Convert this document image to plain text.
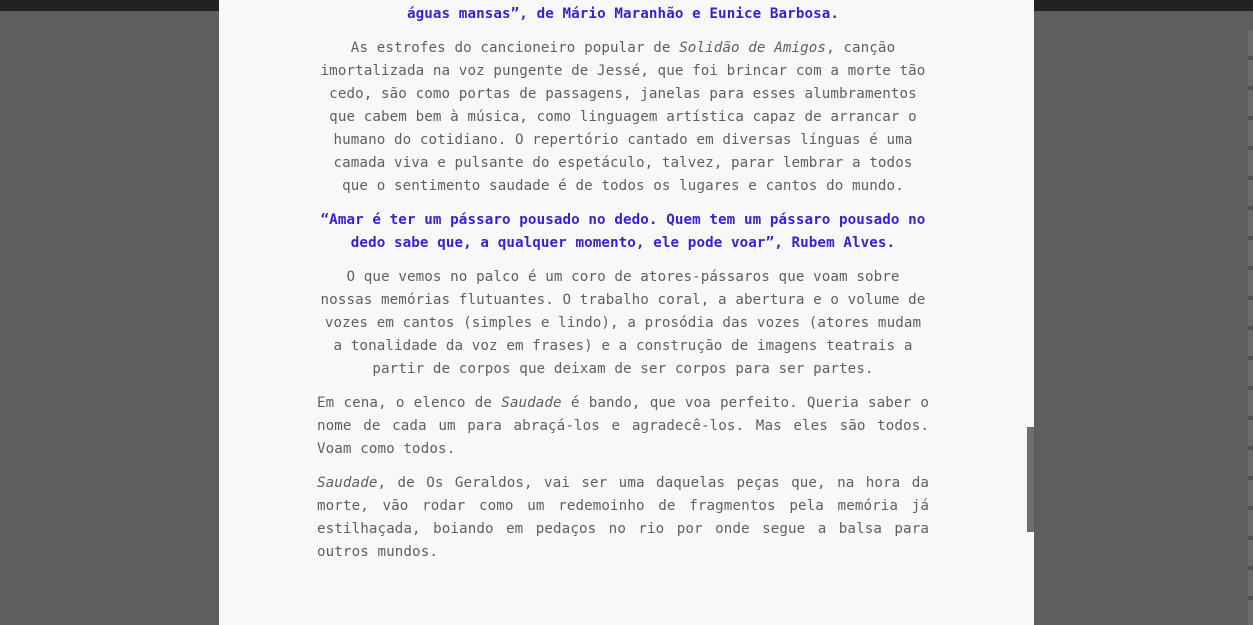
águas mansas”, de Mário Maranhão e Eunice Barbosa.

As estrofes do cancioneiro popular de Solidão de Amigos, canção imortalizada na voz pungente de Jessé, que foi brincar com a morte tão cedo, são como portas de passagens, janelas para esses alumbramentos que cabem bem à música, como linguagem artística capaz de arrancar o humano do cotidiano. O repertório cantado em diversas línguas é uma camada viva e pulsante do espetáculo, talvez, parar lembrar a todos que o sentimento saudade é de todos os lugares e cantos do mundo.

“Amar é ter um pássaro pousado no dedo. Quem tem um pássaro pousado no dedo sabe que, a qualquer momento, ele pode voar”, Rubem Alves.

O que vemos no palco é um coro de atores-pássaros que voam sobre nossas memórias flutuantes. O trabalho coral, a abertura e o volume de vozes em cantos (simples e lindo), a prosódia das vozes (atores mudam a tonalidade da voz em frases) e a construção de imagens teatrais a partir de corpos que deixam de ser corpos para ser partes.

Em cena, o elenco de Saudade é bando, que voa perfeito. Queria saber o nome de cada um para abraçá-los e agradecê-los. Mas eles são todos. Voam como todos.

Saudade, de Os Geraldos, vai ser uma daquelas peças que, na hora da morte, vão rodar como um redemoinho de fragmentos pela memória já estilhaçada, boiando em pedaços no rio por onde segue a balsa para outros mundos.
